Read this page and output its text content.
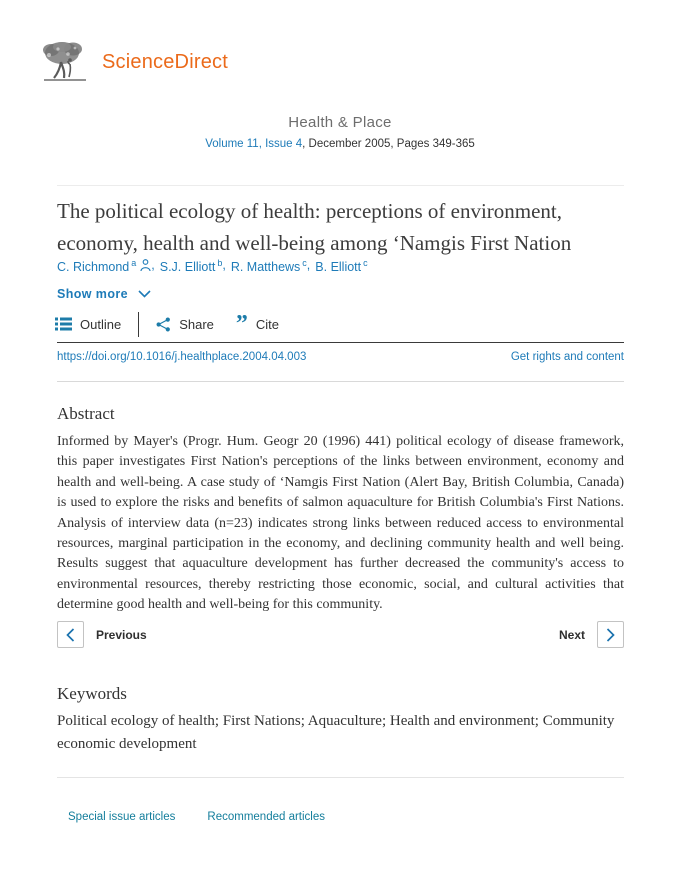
ScienceDirect
Health & Place
Volume 11, Issue 4, December 2005, Pages 349-365
The political ecology of health: perceptions of environment, economy, health and well-being among ‘Namgis First Nation
C. Richmond $^a$ , S.J. Elliott $^b$ , R. Matthews $^c$ , B. Elliott $^c$
Show more
Outline	Share ” Cite
https://doi.org/10.1016/j.healthplace.2004.04.003	Get rights and content
Abstract

Informed by Mayer's (Progr. Hum. Geogr 20 (1996) 441) political ecology of disease framework, this paper investigates First Nation's perceptions of the links between environment, economy and health and well-being. A case study of ‘Namgis First Nation (Alert Bay, British Columbia, Canada) is used to explore the risks and benefits of salmon aquaculture for British Columbia's First Nations. Analysis of interview data (n=23) indicates strong links between reduced access to environmental resources, marginal participation in the economy, and declining community health and well being. Results suggest that aquaculture development has further decreased the community's access to environmental resources, thereby restricting those economic, social, and cultural activities that determine good health and well-being for this community.

Previous	Next
Keywords

Political ecology of health; First Nations; Aquaculture; Health and environment; Community economic development

Special issue articles	Recommended articles
